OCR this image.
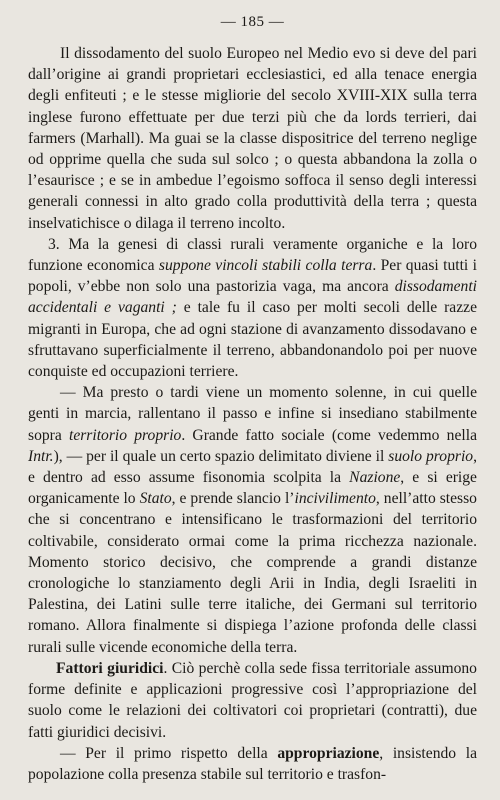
— 185 —

Il dissodamento del suolo Europeo nel Medio evo si deve del pari dall’origine ai grandi proprietari ecclesiastici, ed alla tenace energia degli enfiteuti ; e le stesse migliorie del secolo XVIII-XIX sulla terra inglese furono effettuate per due terzi più che da lords terrieri, dai farmers (Marhall). Ma guai se la classe dispositrice del terreno neglige od opprime quella che suda sul solco ; o questa abbandona la zolla o l’esaurisce ; e se in ambedue l’egoismo soffoca il senso degli interessi generali connessi in alto grado colla produttività della terra ; questa inselvatichisce o dilaga il terreno incolto.

3. Ma la genesi di classi rurali veramente organiche e la loro funzione economica suppone vincoli stabili colla terra. Per quasi tutti i popoli, v’ebbe non solo una pastorizia vaga, ma ancora dissodamenti accidentali e vaganti ; e tale fu il caso per molti secoli delle razze migranti in Europa, che ad ogni stazione di avanzamento dissodavano e sfruttavano superficialmente il terreno, abbandonandolo poi per nuove conquiste ed occupazioni terriere.

— Ma presto o tardi viene un momento solenne, in cui quelle genti in marcia, rallentano il passo e infine si insediano stabilmente sopra territorio proprio. Grande fatto sociale (come vedemmo nella Intr.), — per il quale un certo spazio delimitato diviene il suolo proprio, e dentro ad esso assume fisonomia scolpita la Nazione, e si erige organicamente lo Stato, e prende slancio l’incivilimento, nell’atto stesso che si concentrano e intensificano le trasformazioni del territorio coltivabile, considerato ormai come la prima ricchezza nazionale. Momento storico decisivo, che comprende a grandi distanze cronologiche lo stanziamento degli Arii in India, degli Israeliti in Palestina, dei Latini sulle terre italiche, dei Germani sul territorio romano. Allora finalmente si dispiega l’azione profonda delle classi rurali sulle vicende economiche della terra.

Fattori giuridici. Ciò perchè colla sede fissa territoriale assumono forme definite e applicazioni progressive così l’appropriazione del suolo come le relazioni dei coltivatori coi proprietari (contratti), due fatti giuridici decisivi.

— Per il primo rispetto della appropriazione, insistendo la popolazione colla presenza stabile sul territorio e trasfon-
